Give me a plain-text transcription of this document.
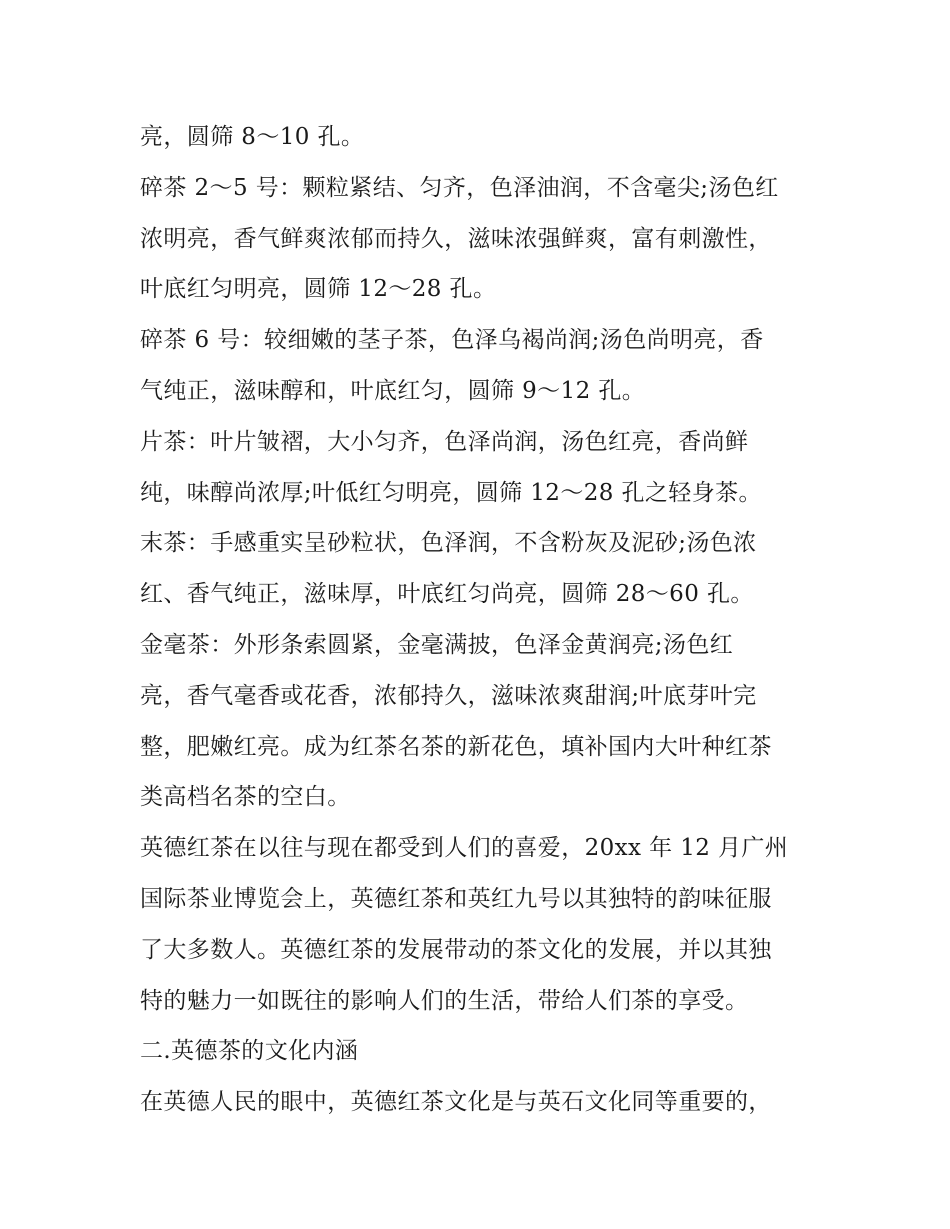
亮，圆筛 8～10 孔。
碎茶 2～5 号：颗粒紧结、匀齐，色泽油润，不含毫尖;汤色红
浓明亮，香气鲜爽浓郁而持久，滋味浓强鲜爽，富有刺激性，
叶底红匀明亮，圆筛 12～28 孔。
碎茶 6 号：较细嫩的茎子茶，色泽乌褐尚润;汤色尚明亮，香
气纯正，滋味醇和，叶底红匀，圆筛 9～12 孔。
片茶：叶片皱褶，大小匀齐，色泽尚润，汤色红亮，香尚鲜
纯，味醇尚浓厚;叶低红匀明亮，圆筛 12～28 孔之轻身茶。
末茶：手感重实呈砂粒状，色泽润，不含粉灰及泥砂;汤色浓
红、香气纯正，滋味厚，叶底红匀尚亮，圆筛 28～60 孔。
金毫茶：外形条索圆紧，金毫满披，色泽金黄润亮;汤色红
亮，香气毫香或花香，浓郁持久，滋味浓爽甜润;叶底芽叶完
整，肥嫩红亮。成为红茶名茶的新花色，填补国内大叶种红茶
类高档名茶的空白。
英德红茶在以往与现在都受到人们的喜爱，20xx 年 12 月广州
国际茶业博览会上，英德红茶和英红九号以其独特的韵味征服
了大多数人。英德红茶的发展带动的茶文化的发展，并以其独
特的魅力一如既往的影响人们的生活，带给人们茶的享受。
二.英德茶的文化内涵
在英德人民的眼中，英德红茶文化是与英石文化同等重要的，
